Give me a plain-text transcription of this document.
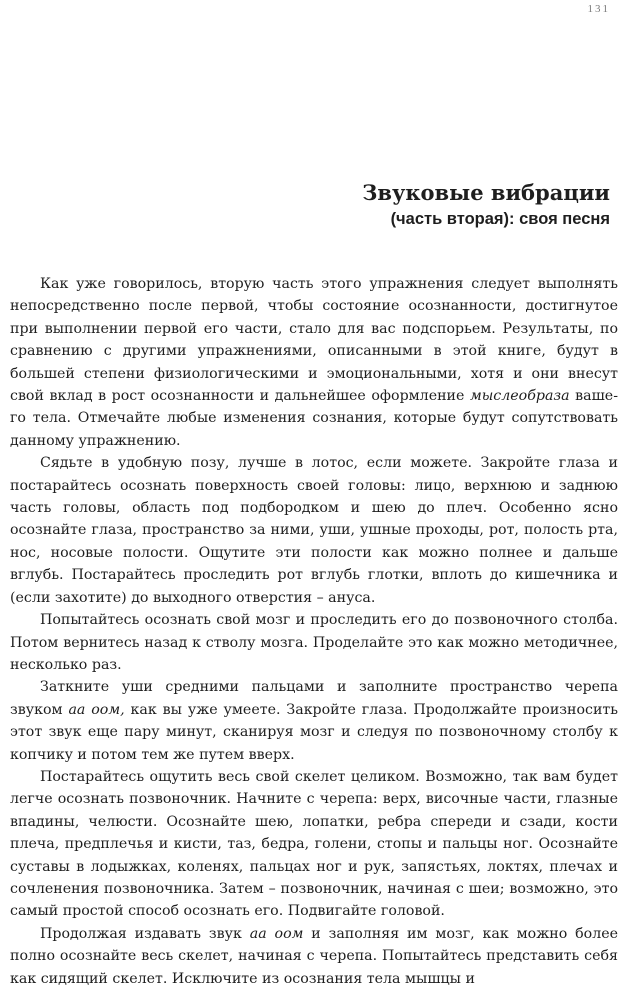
131
Звуковые вибрации
(часть вторая): своя песня

Как уже говорилось, вторую часть этого упражнения следует выполнять непосредственно после первой, чтобы состояние осознанности, достигнутое при выполнении первой его части, стало для вас подспорьем. Результаты, по сравнению с другими упражнениями, описанными в этой книге, будут в большей степени физиологическими и эмоциональными, хотя и они внесут свой вклад в рост осознанности и дальнейшее оформление мыслеобраза вашего тела. Отмечайте любые изменения сознания, которые будут сопутствовать данному упражнению.

Сядьте в удобную позу, лучше в лотос, если можете. Закройте глаза и постарайтесь осознать поверхность своей головы: лицо, верхнюю и заднюю часть головы, область под подбородком и шею до плеч. Особенно ясно осознайте глаза, пространство за ними, уши, ушные проходы, рот, полость рта, нос, носовые полости. Ощутите эти полости как можно полнее и дальше вглубь. Постарайтесь проследить рот вглубь глотки, вплоть до кишечника и (если захотите) до выходного отверстия – ануса.

Попытайтесь осознать свой мозг и проследить его до позвоночного столба. Потом вернитесь назад к стволу мозга. Проделайте это как можно методичнее, несколько раз.

Заткните уши средними пальцами и заполните пространство черепа звуком аа оом, как вы уже умеете. Закройте глаза. Продолжайте произносить этот звук еще пару минут, сканируя мозг и следуя по позвоночному столбу к копчику и потом тем же путем вверх.

Постарайтесь ощутить весь свой скелет целиком. Возможно, так вам будет легче осознать позвоночник. Начните с черепа: верх, височные части, глазные впадины, челюсти. Осознайте шею, лопатки, ребра спереди и сзади, кости плеча, предплечья и кисти, таз, бедра, голени, стопы и пальцы ног. Осознайте суставы в лодыжках, коленях, пальцах ног и рук, запястьях, локтях, плечах и сочленения позвоночника. Затем – позвоночник, начиная с шеи; возможно, это самый простой способ осознать его. Подвигайте головой.

Продолжая издавать звук аа оом и заполняя им мозг, как можно более полно осознайте весь скелет, начиная с черепа. Попытайтесь представить себя как сидящий скелет. Исключите из осознания тела мышцы и
